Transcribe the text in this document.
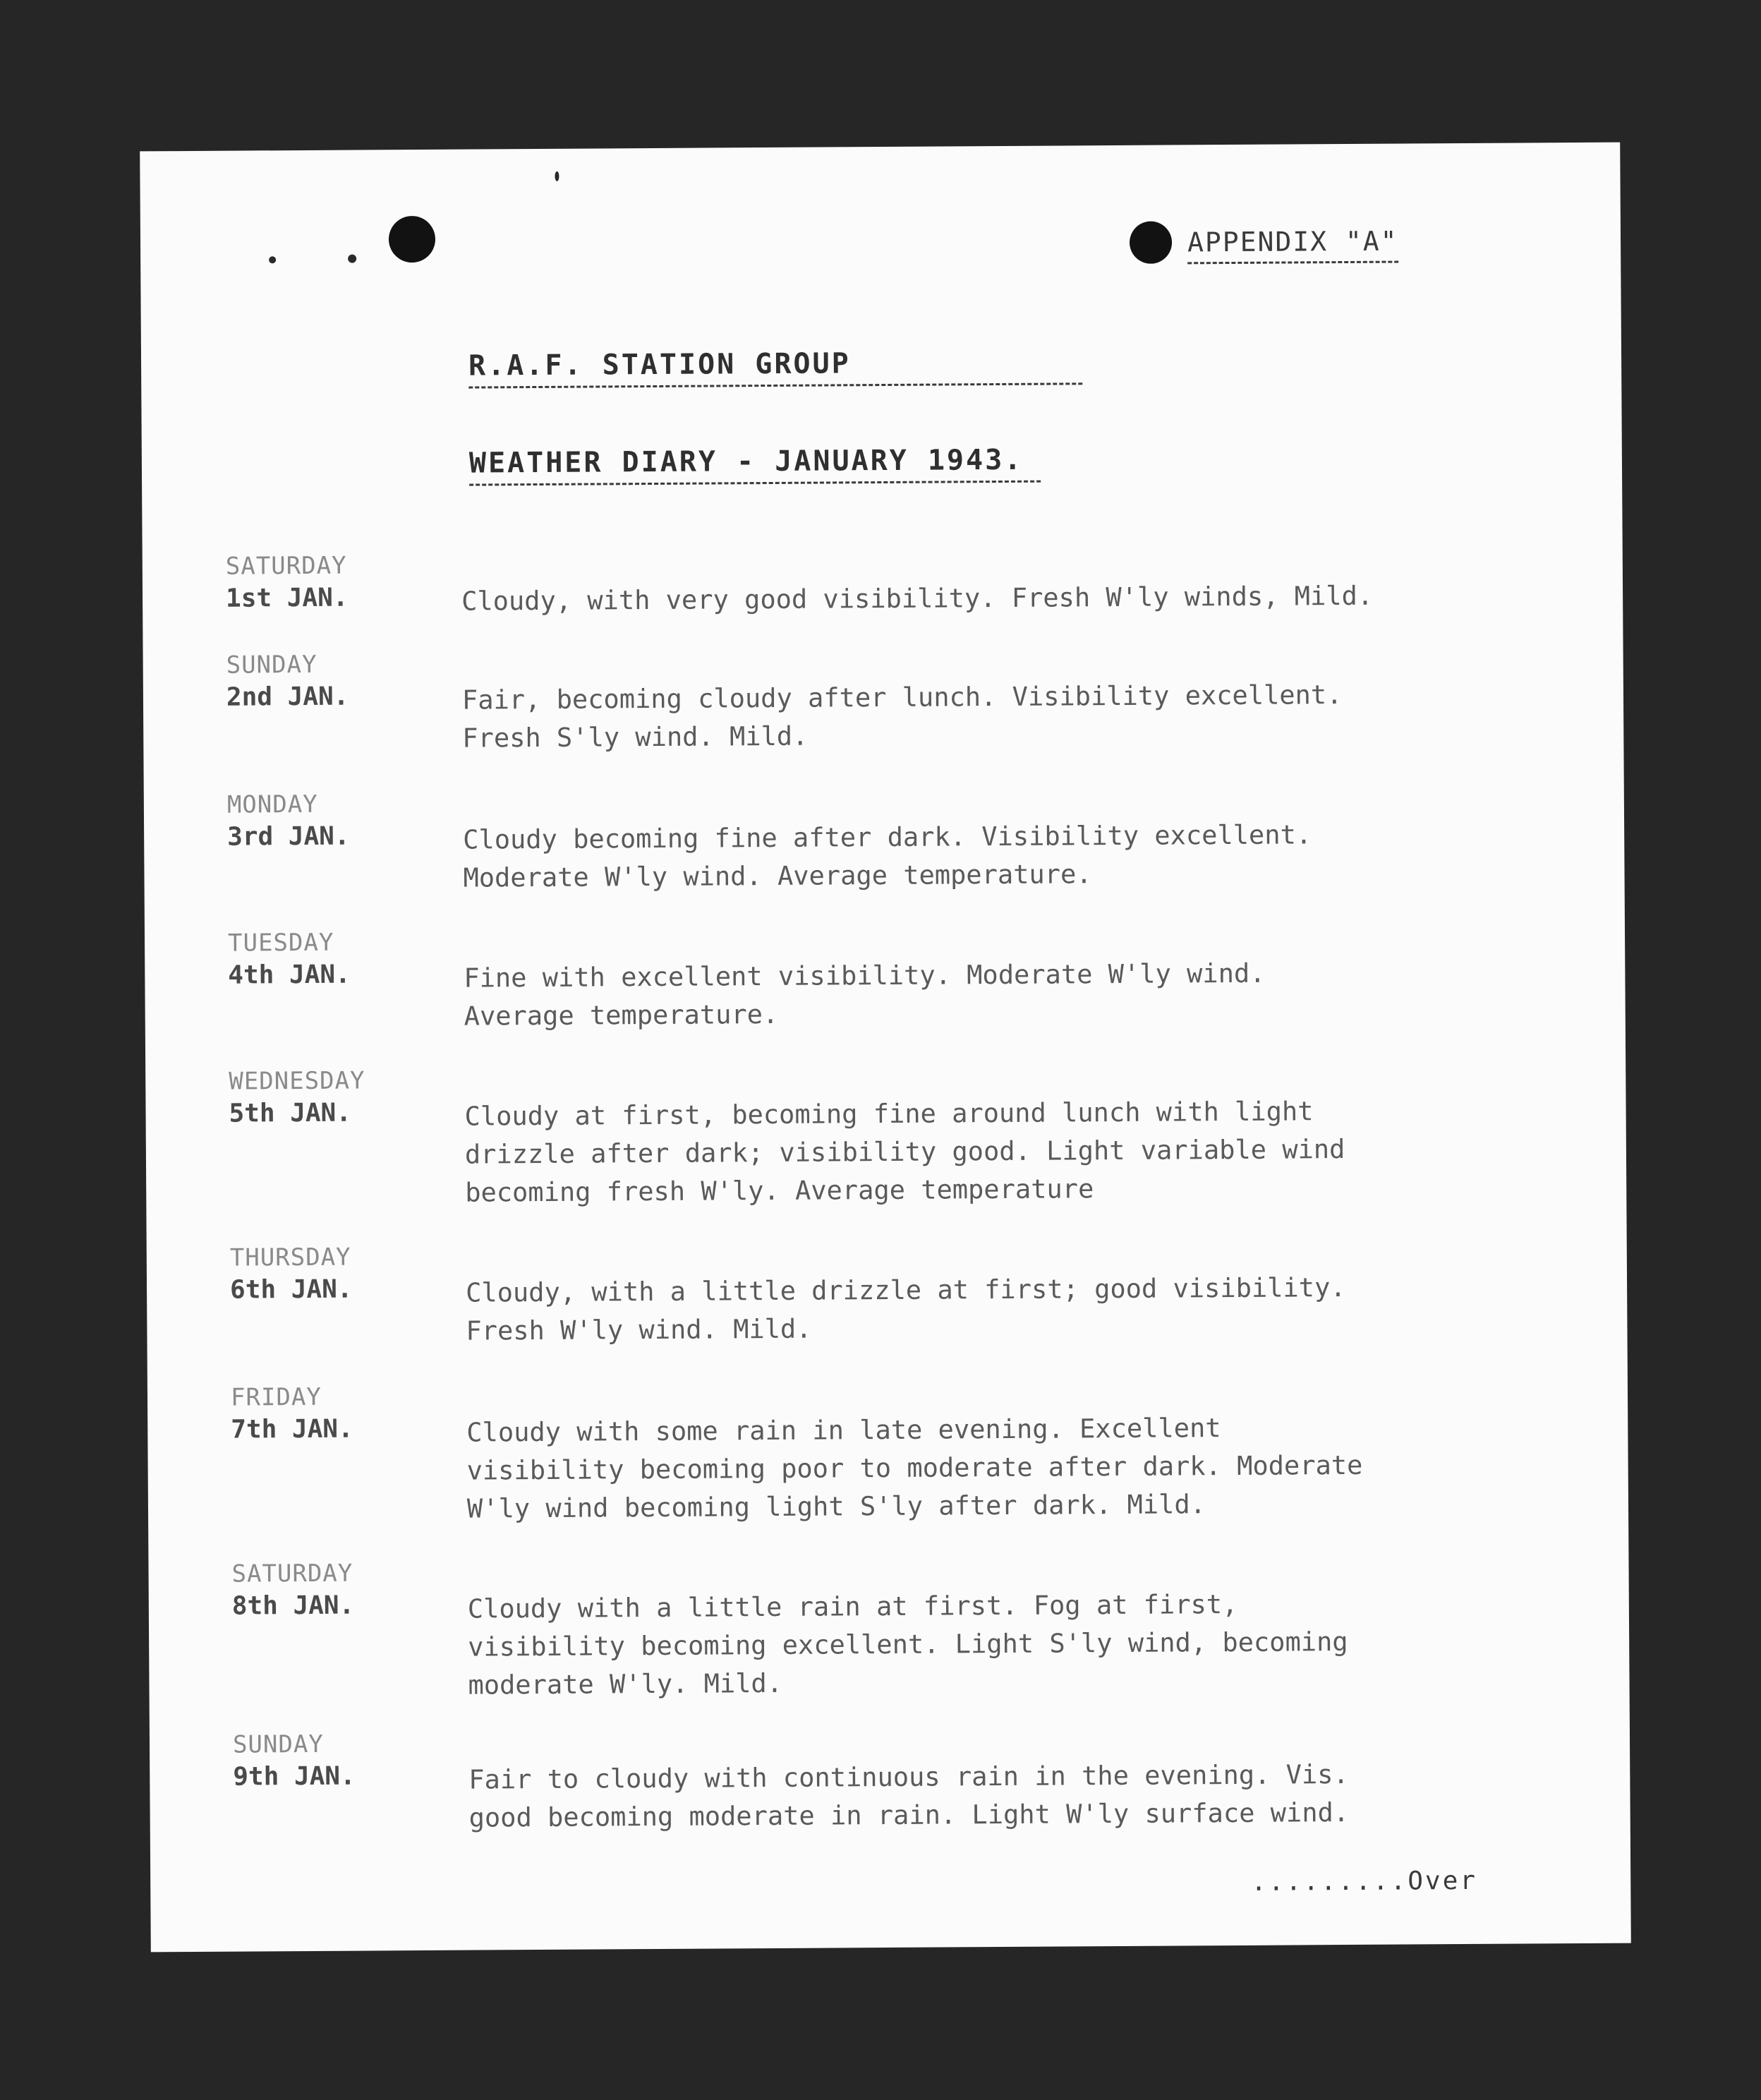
APPENDIX "A"
R.A.F. STATION GROUP
WEATHER DIARY - JANUARY 1943.
SATURDAY
1st JAN.	Cloudy, with very good visibility. Fresh W'ly winds, Mild.
SUNDAY
2nd JAN.	Fair, becoming cloudy after lunch. Visibility excellent.
Fresh S'ly wind. Mild.
MONDAY
3rd JAN.	Cloudy becoming fine after dark. Visibility excellent.
Moderate W'ly wind. Average temperature.
TUESDAY
4th JAN.	Fine with excellent visibility. Moderate W'ly wind.
Average temperature.
WEDNESDAY
5th JAN.	Cloudy at first, becoming fine around lunch with light
drizzle after dark; visibility good. Light variable wind
becoming fresh W'ly. Average temperature
THURSDAY
6th JAN.	Cloudy, with a little drizzle at first; good visibility.
Fresh W'ly wind. Mild.
FRIDAY
7th JAN.	Cloudy with some rain in late evening. Excellent
visibility becoming poor to moderate after dark. Moderate
W'ly wind becoming light S'ly after dark. Mild.
SATURDAY
8th JAN.	Cloudy with a little rain at first. Fog at first,
visibility becoming excellent. Light S'ly wind, becoming
moderate W'ly. Mild.
SUNDAY
9th JAN.	Fair to cloudy with continuous rain in the evening. Vis.
good becoming moderate in rain. Light W'ly surface wind.
.........Over
